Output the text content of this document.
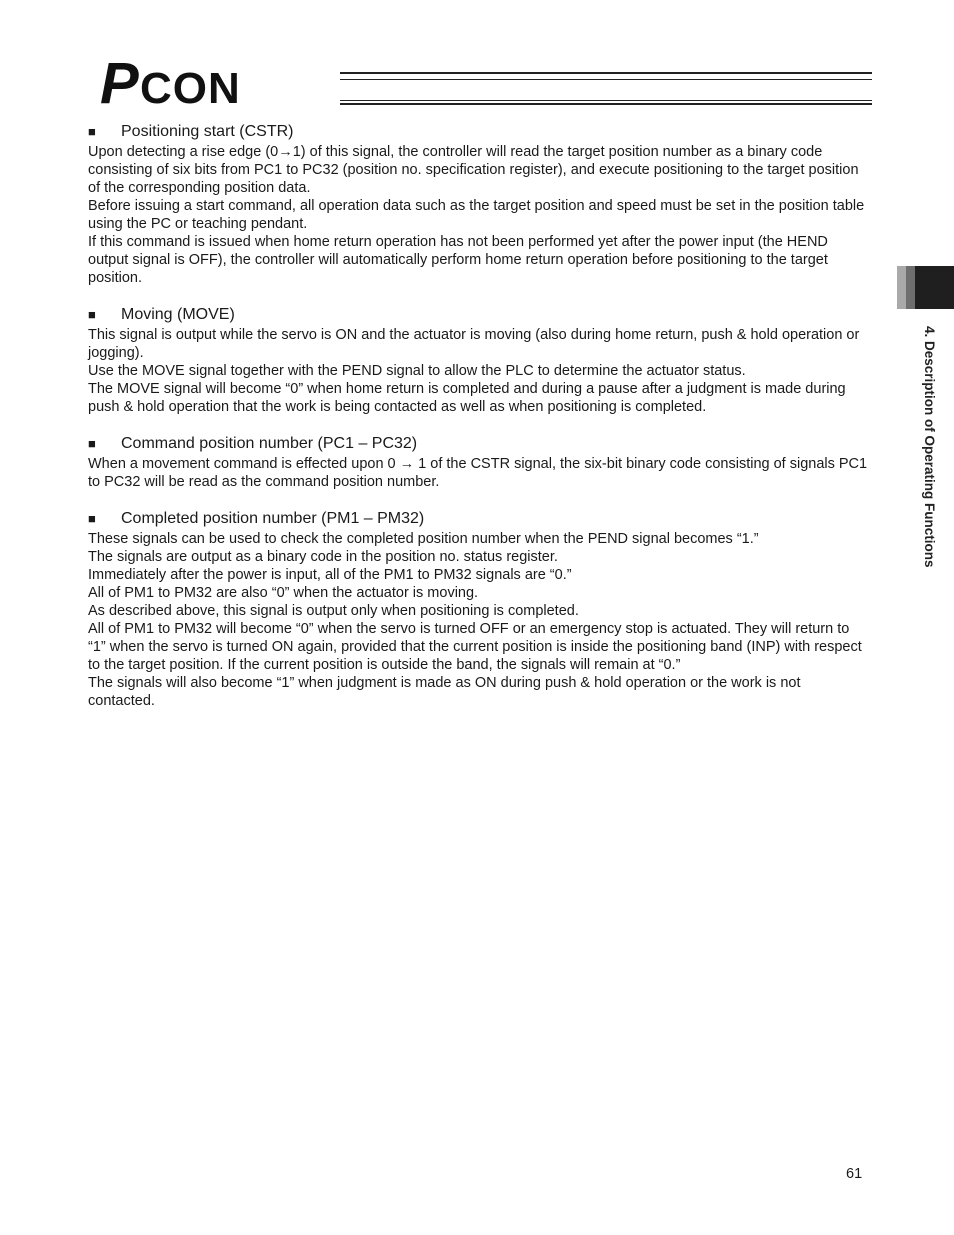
P CON
4. Description of Operating Functions

■ Positioning start (CSTR)

Upon detecting a rise edge (0→1) of this signal, the controller will read the target position number as a binary code consisting of six bits from PC1 to PC32 (position no. specification register), and execute positioning to the target position of the corresponding position data.

Before issuing a start command, all operation data such as the target position and speed must be set in the position table using the PC or teaching pendant.

If this command is issued when home return operation has not been performed yet after the power input (the HEND output signal is OFF), the controller will automatically perform home return operation before positioning to the target position.

■ Moving (MOVE)

This signal is output while the servo is ON and the actuator is moving (also during home return, push & hold operation or jogging).

Use the MOVE signal together with the PEND signal to allow the PLC to determine the actuator status.

The MOVE signal will become “0” when home return is completed and during a pause after a judgment is made during push & hold operation that the work is being contacted as well as when positioning is completed.

■ Command position number (PC1 – PC32)

When a movement command is effected upon 0 → 1 of the CSTR signal, the six-bit binary code consisting of signals PC1 to PC32 will be read as the command position number.

■ Completed position number (PM1 – PM32)

These signals can be used to check the completed position number when the PEND signal becomes “1.”

The signals are output as a binary code in the position no. status register.

Immediately after the power is input, all of the PM1 to PM32 signals are “0.”

All of PM1 to PM32 are also “0” when the actuator is moving.

As described above, this signal is output only when positioning is completed.

All of PM1 to PM32 will become “0” when the servo is turned OFF or an emergency stop is actuated. They will return to “1” when the servo is turned ON again, provided that the current position is inside the positioning band (INP) with respect to the target position. If the current position is outside the band, the signals will remain at “0.”

The signals will also become “1” when judgment is made as ON during push & hold operation or the work is not contacted.

61
